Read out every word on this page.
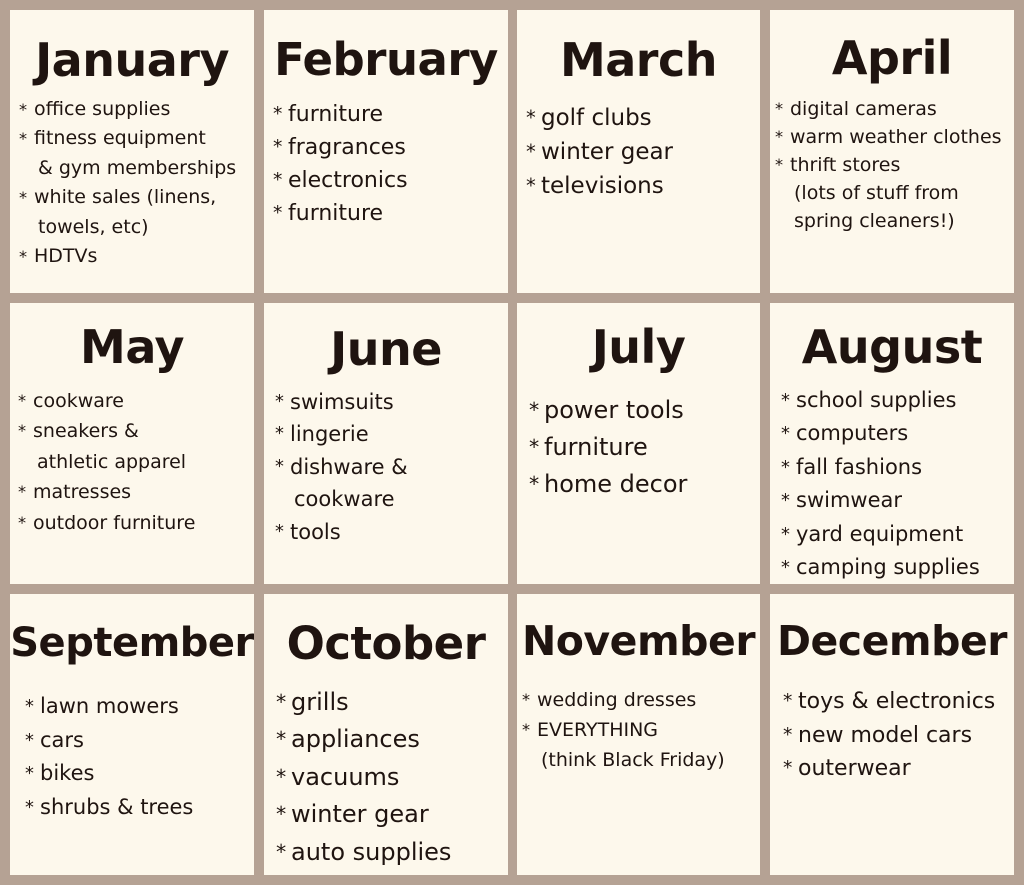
January
* office supplies
* fitness equipment
& gym memberships
* white sales (linens,
towels, etc)
* HDTVs
February
* furniture
* fragrances
* electronics
* furniture
March
* golf clubs
* winter gear
* televisions
April
* digital cameras
* warm weather clothes
* thrift stores
(lots of stuff from
spring cleaners!)
May
* cookware
* sneakers &
athletic apparel
* matresses
* outdoor furniture
June
* swimsuits
* lingerie
* dishware &
cookware
* tools
July
* power tools
* furniture
* home decor
August
* school supplies
* computers
* fall fashions
* swimwear
* yard equipment
* camping supplies
September
* lawn mowers
* cars
* bikes
* shrubs & trees
October
* grills
* appliances
* vacuums
* winter gear
* auto supplies
November
* wedding dresses
* EVERYTHING
(think Black Friday)
December
* toys & electronics
* new model cars
* outerwear
